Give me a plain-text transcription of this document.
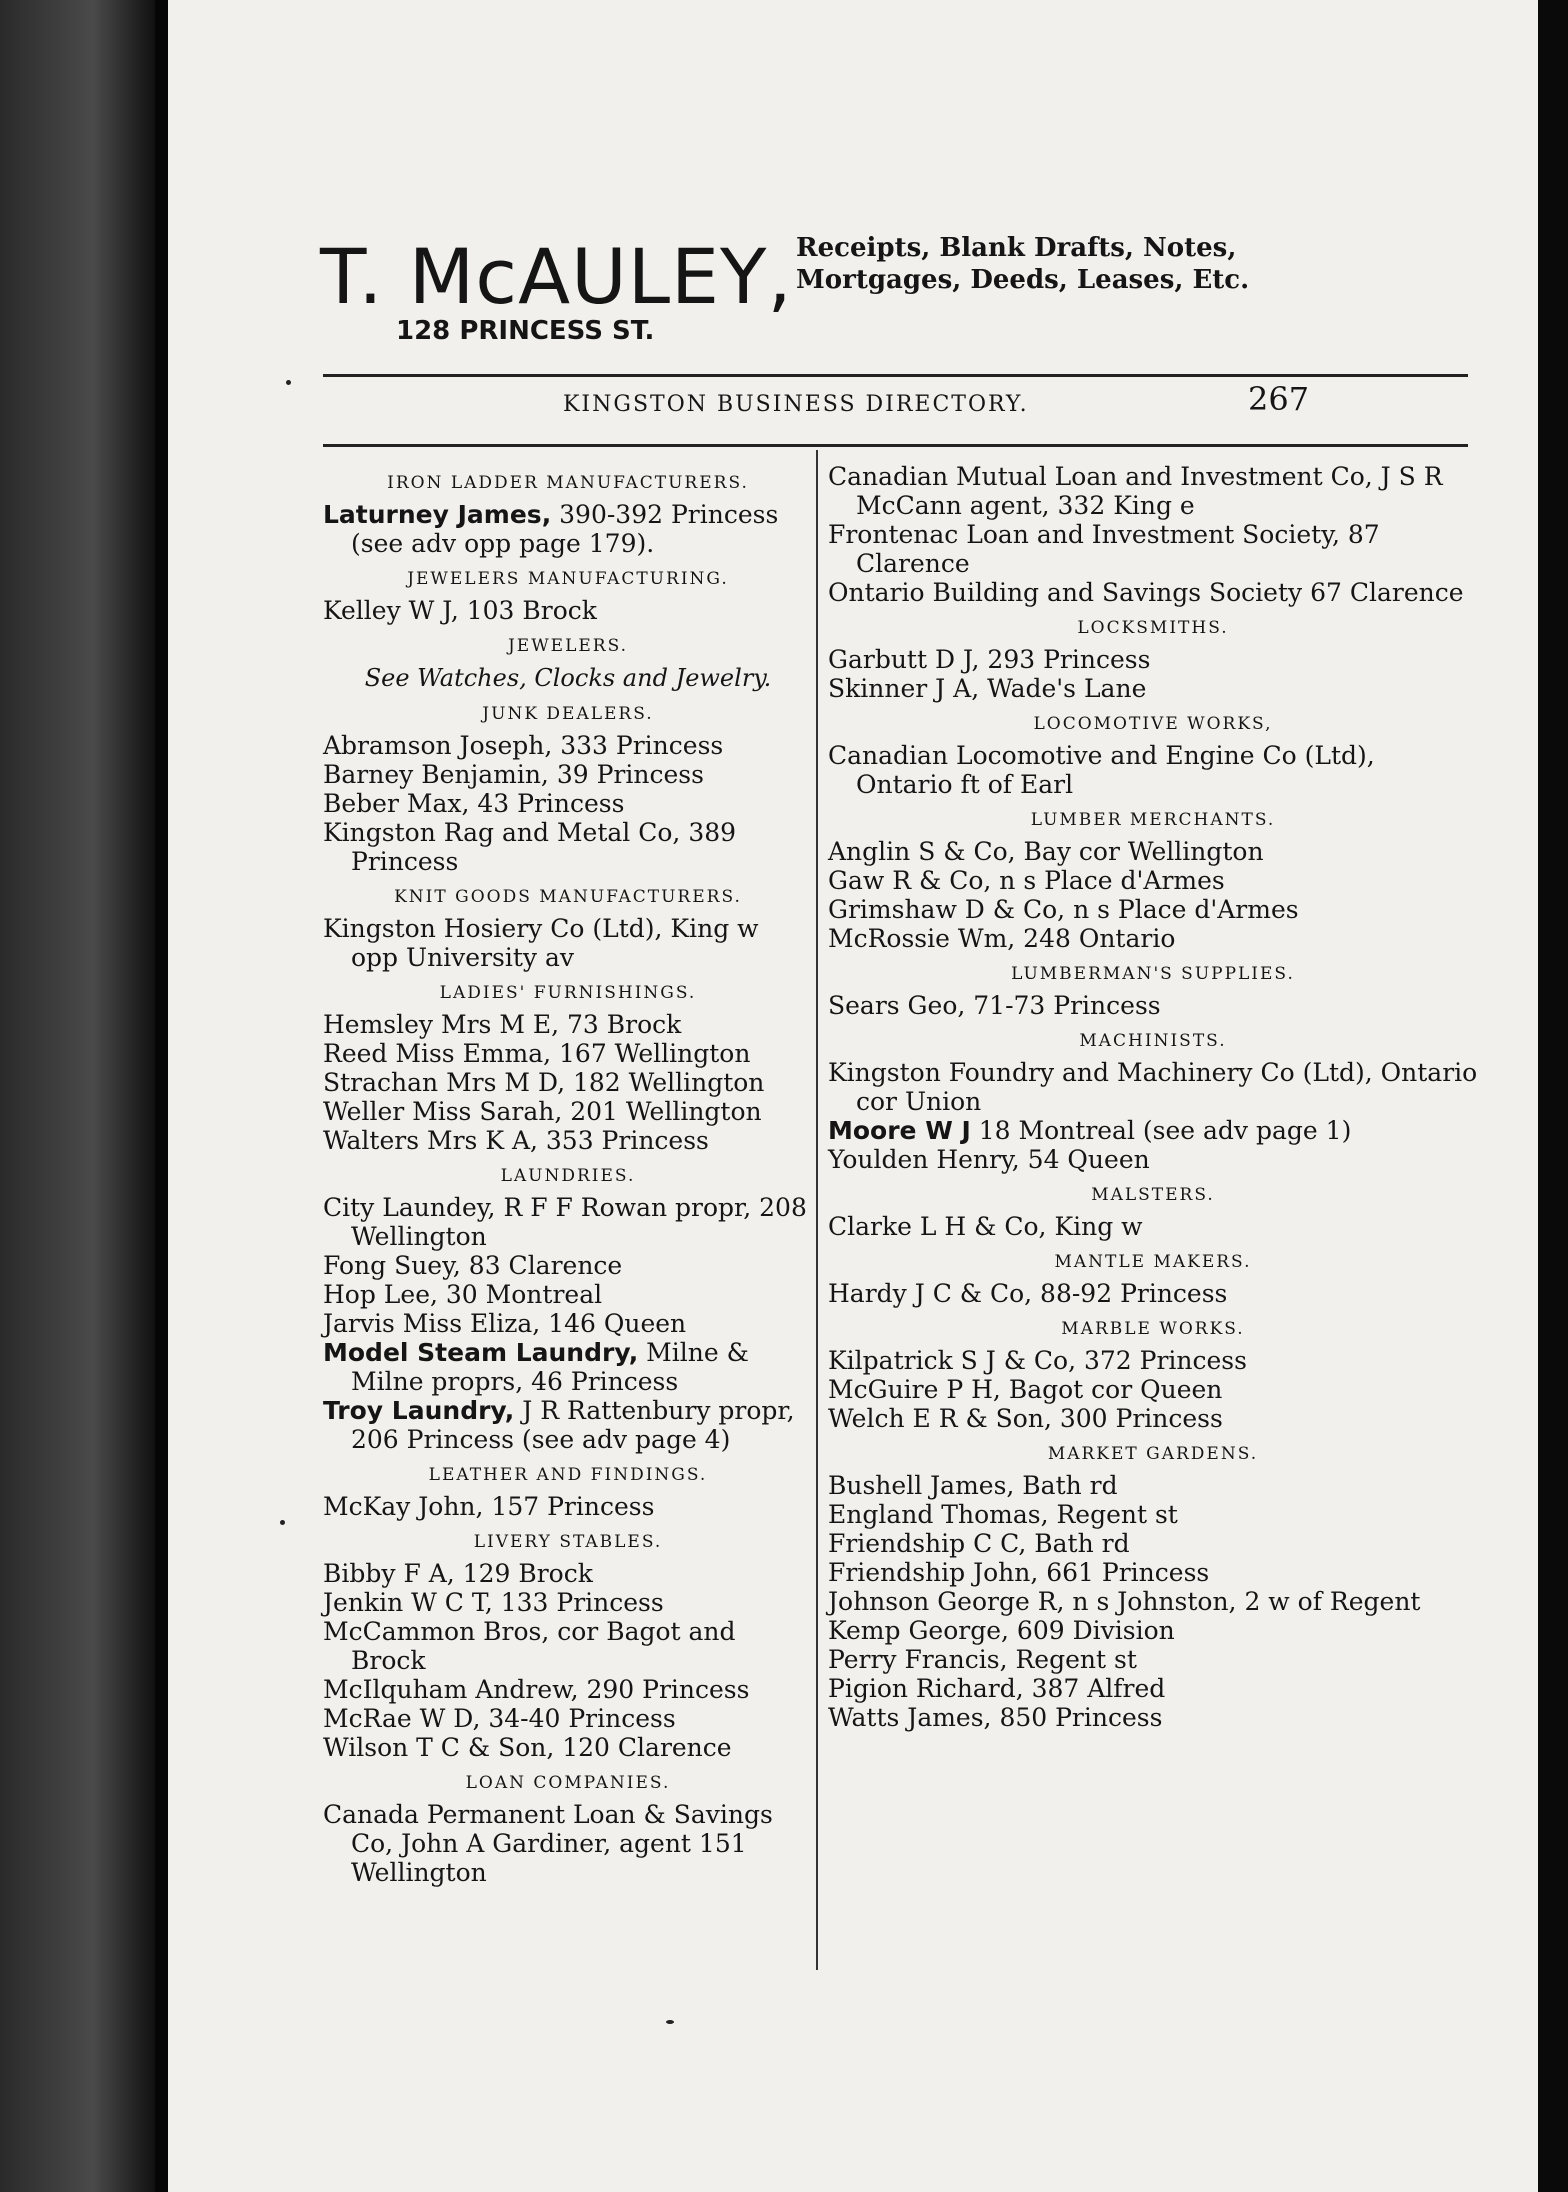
T. McAULEY,
128 PRINCESS ST.
Receipts, Blank Drafts, Notes,
Mortgages, Deeds, Leases, Etc.
KINGSTON BUSINESS DIRECTORY.	267
IRON LADDER MANUFACTURERS.
Laturney James, 390-392 Princess (see adv opp page 179).
JEWELERS MANUFACTURING.
Kelley W J, 103 Brock
JEWELERS.
See Watches, Clocks and Jewelry.
JUNK DEALERS.
Abramson Joseph, 333 Princess
Barney Benjamin, 39 Princess
Beber Max, 43 Princess
Kingston Rag and Metal Co, 389 Princess
KNIT GOODS MANUFACTURERS.
Kingston Hosiery Co (Ltd), King w opp University av
LADIES' FURNISHINGS.
Hemsley Mrs M E, 73 Brock
Reed Miss Emma, 167 Wellington
Strachan Mrs M D, 182 Wellington
Weller Miss Sarah, 201 Wellington
Walters Mrs K A, 353 Princess
LAUNDRIES.
City Laundey, R F F Rowan propr, 208 Wellington
Fong Suey, 83 Clarence
Hop Lee, 30 Montreal
Jarvis Miss Eliza, 146 Queen
Model Steam Laundry, Milne & Milne proprs, 46 Princess
Troy Laundry, J R Rattenbury propr, 206 Princess (see adv page 4)
LEATHER AND FINDINGS.
McKay John, 157 Princess
LIVERY STABLES.
Bibby F A, 129 Brock
Jenkin W C T, 133 Princess
McCammon Bros, cor Bagot and Brock
McIlquham Andrew, 290 Princess
McRae W D, 34-40 Princess
Wilson T C & Son, 120 Clarence
LOAN COMPANIES.
Canada Permanent Loan & Savings Co, John A Gardiner, agent 151 Wellington
Canadian Mutual Loan and Investment Co, J S R McCann agent, 332 King e
Frontenac Loan and Investment Society, 87 Clarence
Ontario Building and Savings Society 67 Clarence
LOCKSMITHS.
Garbutt D J, 293 Princess
Skinner J A, Wade's Lane
LOCOMOTIVE WORKS,
Canadian Locomotive and Engine Co (Ltd), Ontario ft of Earl
LUMBER MERCHANTS.
Anglin S & Co, Bay cor Wellington
Gaw R & Co, n s Place d'Armes
Grimshaw D & Co, n s Place d'Armes
McRossie Wm, 248 Ontario
LUMBERMAN'S SUPPLIES.
Sears Geo, 71-73 Princess
MACHINISTS.
Kingston Foundry and Machinery Co (Ltd), Ontario cor Union
Moore W J 18 Montreal (see adv page 1)
Youlden Henry, 54 Queen
MALSTERS.
Clarke L H & Co, King w
MANTLE MAKERS.
Hardy J C & Co, 88-92 Princess
MARBLE WORKS.
Kilpatrick S J & Co, 372 Princess
McGuire P H, Bagot cor Queen
Welch E R & Son, 300 Princess
MARKET GARDENS.
Bushell James, Bath rd
England Thomas, Regent st
Friendship C C, Bath rd
Friendship John, 661 Princess
Johnson George R, n s Johnston, 2 w of Regent
Kemp George, 609 Division
Perry Francis, Regent st
Pigion Richard, 387 Alfred
Watts James, 850 Princess
